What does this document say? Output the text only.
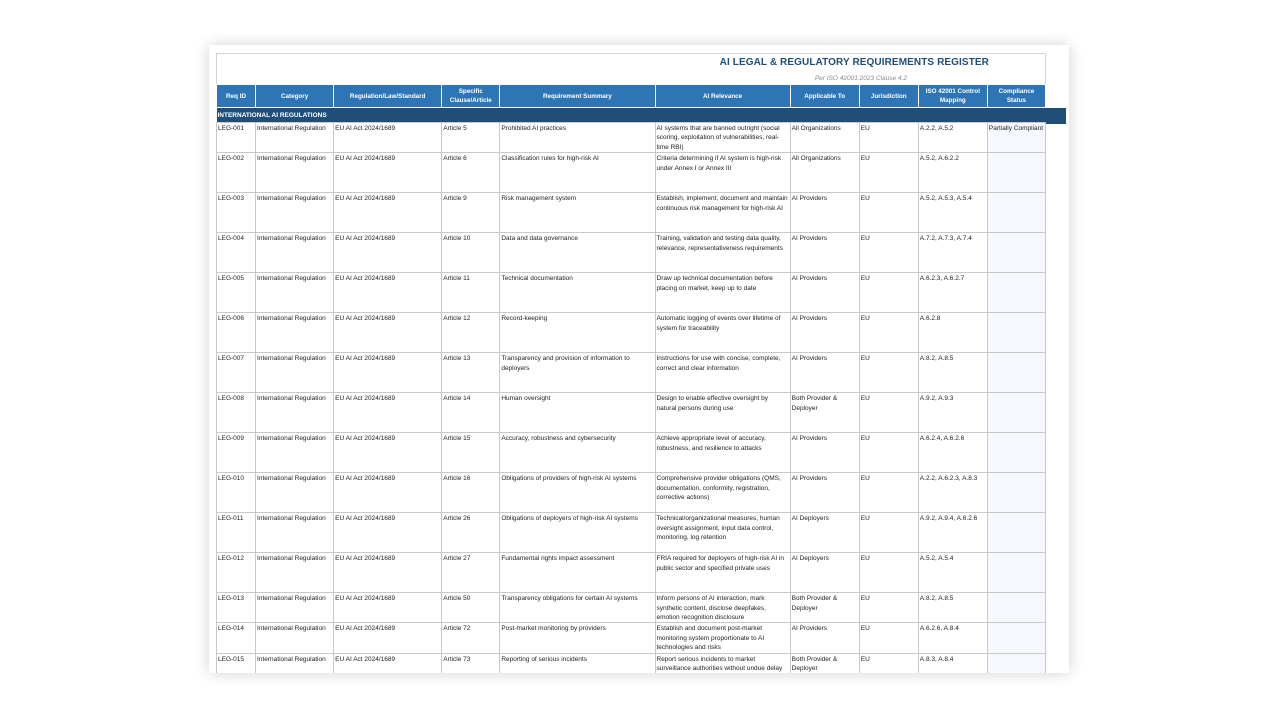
AI LEGAL & REGULATORY REQUIREMENTS REGISTER
Per ISO 42001:2023 Clause 4.2
Req ID	Category	Regulation/Law/Standard	Specific Clause/Article	Requirement Summary	AI Relevance	Applicable To	Jurisdiction	ISO 42001 Control Mapping	Compliance Status
INTERNATIONAL AI REGULATIONS									
LEG-001	International Regulation	EU AI Act 2024/1689	Article 5	Prohibited AI practices	AI systems that are banned outright (social scoring, exploitation of vulnerabilities, real-time RBI)	All Organizations	EU	A.2.2, A.5.2	Partially Compliant
LEG-002	International Regulation	EU AI Act 2024/1689	Article 6	Classification rules for high-risk AI	Criteria determining if AI system is high-risk under Annex I or Annex III	All Organizations	EU	A.5.2, A.6.2.2	
LEG-003	International Regulation	EU AI Act 2024/1689	Article 9	Risk management system	Establish, implement, document and maintain continuous risk management for high-risk AI	AI Providers	EU	A.5.2, A.5.3, A.5.4	
LEG-004	International Regulation	EU AI Act 2024/1689	Article 10	Data and data governance	Training, validation and testing data quality, relevance, representativeness requirements	AI Providers	EU	A.7.2, A.7.3, A.7.4	
LEG-005	International Regulation	EU AI Act 2024/1689	Article 11	Technical documentation	Draw up technical documentation before placing on market, keep up to date	AI Providers	EU	A.6.2.3, A.6.2.7	
LEG-006	International Regulation	EU AI Act 2024/1689	Article 12	Record-keeping	Automatic logging of events over lifetime of system for traceability	AI Providers	EU	A.6.2.8	
LEG-007	International Regulation	EU AI Act 2024/1689	Article 13	Transparency and provision of information to deployers	Instructions for use with concise, complete, correct and clear information	AI Providers	EU	A.8.2, A.8.5	
LEG-008	International Regulation	EU AI Act 2024/1689	Article 14	Human oversight	Design to enable effective oversight by natural persons during use	Both Provider & Deployer	EU	A.9.2, A.9.3	
LEG-009	International Regulation	EU AI Act 2024/1689	Article 15	Accuracy, robustness and cybersecurity	Achieve appropriate level of accuracy, robustness, and resilience to attacks	AI Providers	EU	A.6.2.4, A.6.2.6	
LEG-010	International Regulation	EU AI Act 2024/1689	Article 16	Obligations of providers of high-risk AI systems	Comprehensive provider obligations (QMS, documentation, conformity, registration, corrective actions)	AI Providers	EU	A.2.2, A.6.2.3, A.8.3	
LEG-011	International Regulation	EU AI Act 2024/1689	Article 26	Obligations of deployers of high-risk AI systems	Technical/organizational measures, human oversight assignment, input data control, monitoring, log retention	AI Deployers	EU	A.9.2, A.9.4, A.6.2.6	
LEG-012	International Regulation	EU AI Act 2024/1689	Article 27	Fundamental rights impact assessment	FRIA required for deployers of high-risk AI in public sector and specified private uses	AI Deployers	EU	A.5.2, A.5.4	
LEG-013	International Regulation	EU AI Act 2024/1689	Article 50	Transparency obligations for certain AI systems	Inform persons of AI interaction, mark synthetic content, disclose deepfakes, emotion recognition disclosure	Both Provider & Deployer	EU	A.8.2, A.8.5	
LEG-014	International Regulation	EU AI Act 2024/1689	Article 72	Post-market monitoring by providers	Establish and document post-market monitoring system proportionate to AI technologies and risks	AI Providers	EU	A.6.2.6, A.8.4	
LEG-015	International Regulation	EU AI Act 2024/1689	Article 73	Reporting of serious incidents	Report serious incidents to market surveillance authorities without undue delay	Both Provider & Deployer	EU	A.8.3, A.8.4	
